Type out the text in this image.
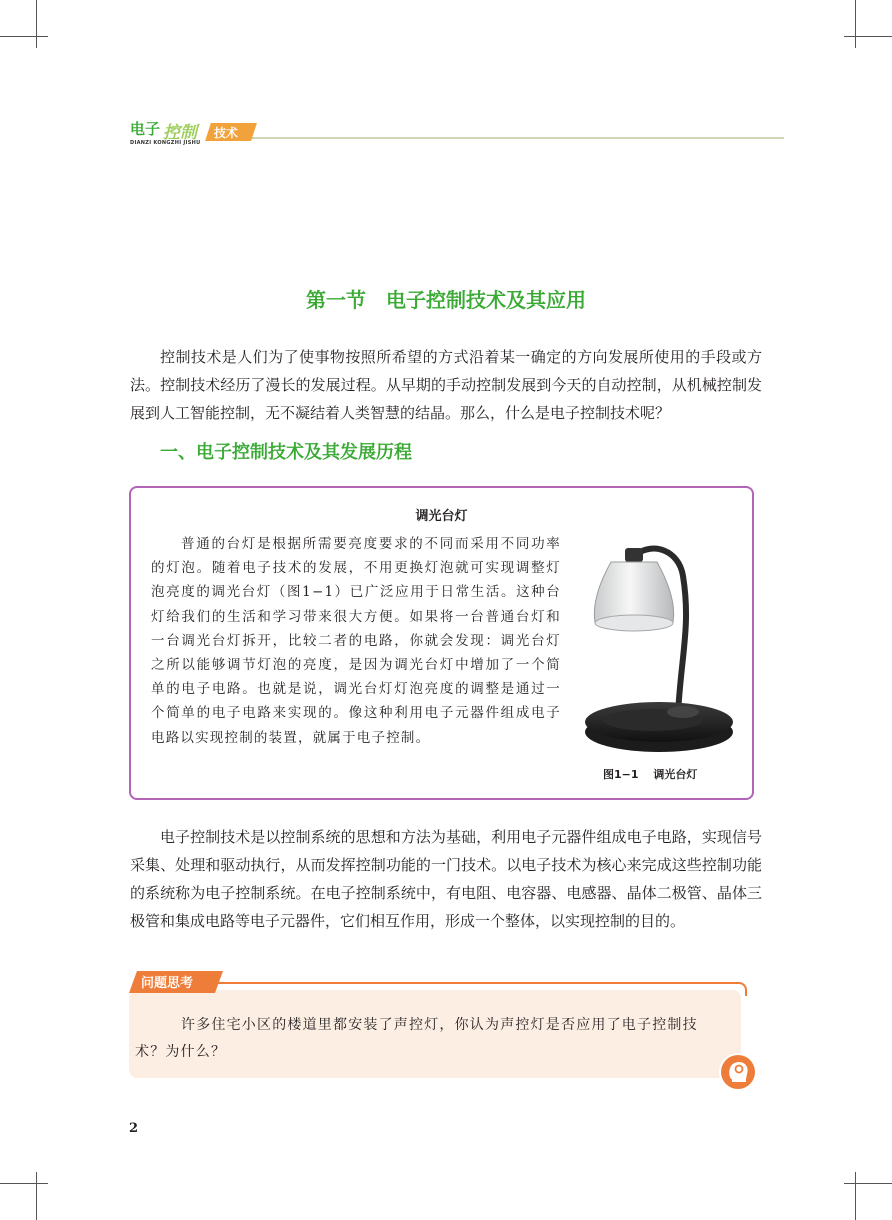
电子 控制 技术
DIANZI KONGZHI JISHU
第一节　电子控制技术及其应用

控制技术是人们为了使事物按照所希望的方式沿着某一确定的方向发展所使用的手段或方法。控制技术经历了漫长的发展过程。从早期的手动控制发展到今天的自动控制，从机械控制发展到人工智能控制，无不凝结着人类智慧的结晶。那么，什么是电子控制技术呢？

一、电子控制技术及其发展历程
调光台灯

普通的台灯是根据所需要亮度要求的不同而采用不同功率的灯泡。随着电子技术的发展，不用更换灯泡就可实现调整灯泡亮度的调光台灯（图1−1）已广泛应用于日常生活。这种台灯给我们的生活和学习带来很大方便。如果将一台普通台灯和一台调光台灯拆开，比较二者的电路，你就会发现：调光台灯之所以能够调节灯泡的亮度，是因为调光台灯中增加了一个简单的电子电路。也就是说，调光台灯灯泡亮度的调整是通过一个简单的电子电路来实现的。像这种利用电子元器件组成电子电路以实现控制的装置，就属于电子控制。

图1−1　 调光台灯

电子控制技术是以控制系统的思想和方法为基础，利用电子元器件组成电子电路，实现信号采集、处理和驱动执行，从而发挥控制功能的一门技术。以电子技术为核心来完成这些控制功能的系统称为电子控制系统。在电子控制系统中，有电阻、电容器、电感器、晶体二极管、晶体三极管和集成电路等电子元器件，它们相互作用，形成一个整体，以实现控制的目的。

问题思考

许多住宅小区的楼道里都安装了声控灯，你认为声控灯是否应用了电子控制技术？为什么？

2
